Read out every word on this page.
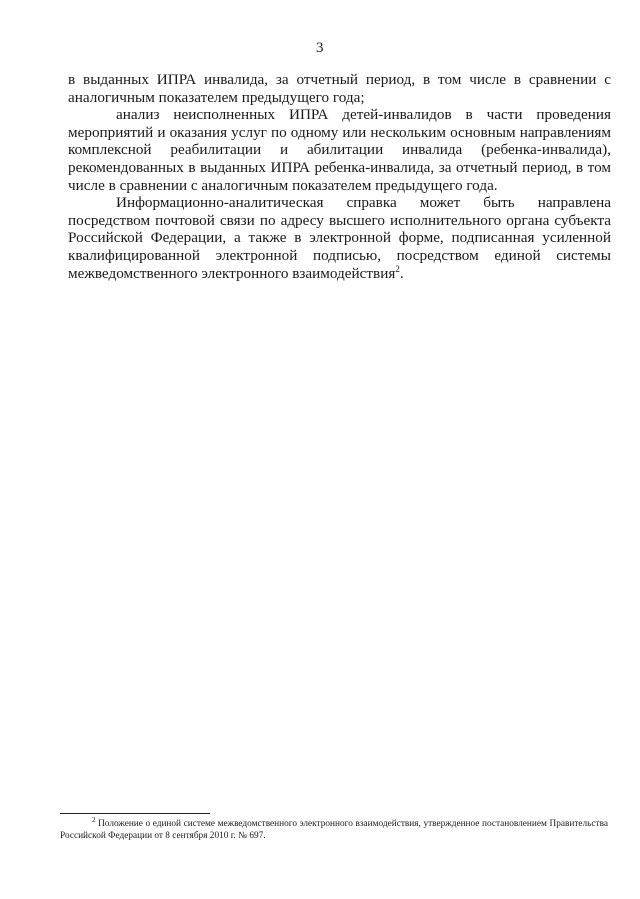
3

в выданных ИПРА инвалида, за отчетный период, в том числе в сравнении с аналогичным показателем предыдущего года;

анализ неисполненных ИПРА детей-инвалидов в части проведения мероприятий и оказания услуг по одному или нескольким основным направлениям комплексной реабилитации и абилитации инвалида (ребенка-инвалида), рекомендованных в выданных ИПРА ребенка-инвалида, за отчетный период, в том числе в сравнении с аналогичным показателем предыдущего года.

Информационно-аналитическая справка может быть направлена посредством почтовой связи по адресу высшего исполнительного органа субъекта Российской Федерации, а также в электронной форме, подписанная усиленной квалифицированной электронной подписью, посредством единой системы межведомственного электронного взаимодействия$^2$.

$^2$ Положение о единой системе межведомственного электронного взаимодействия, утвержденное постановлением Правительства Российской Федерации от 8 сентября 2010 г. № 697.
